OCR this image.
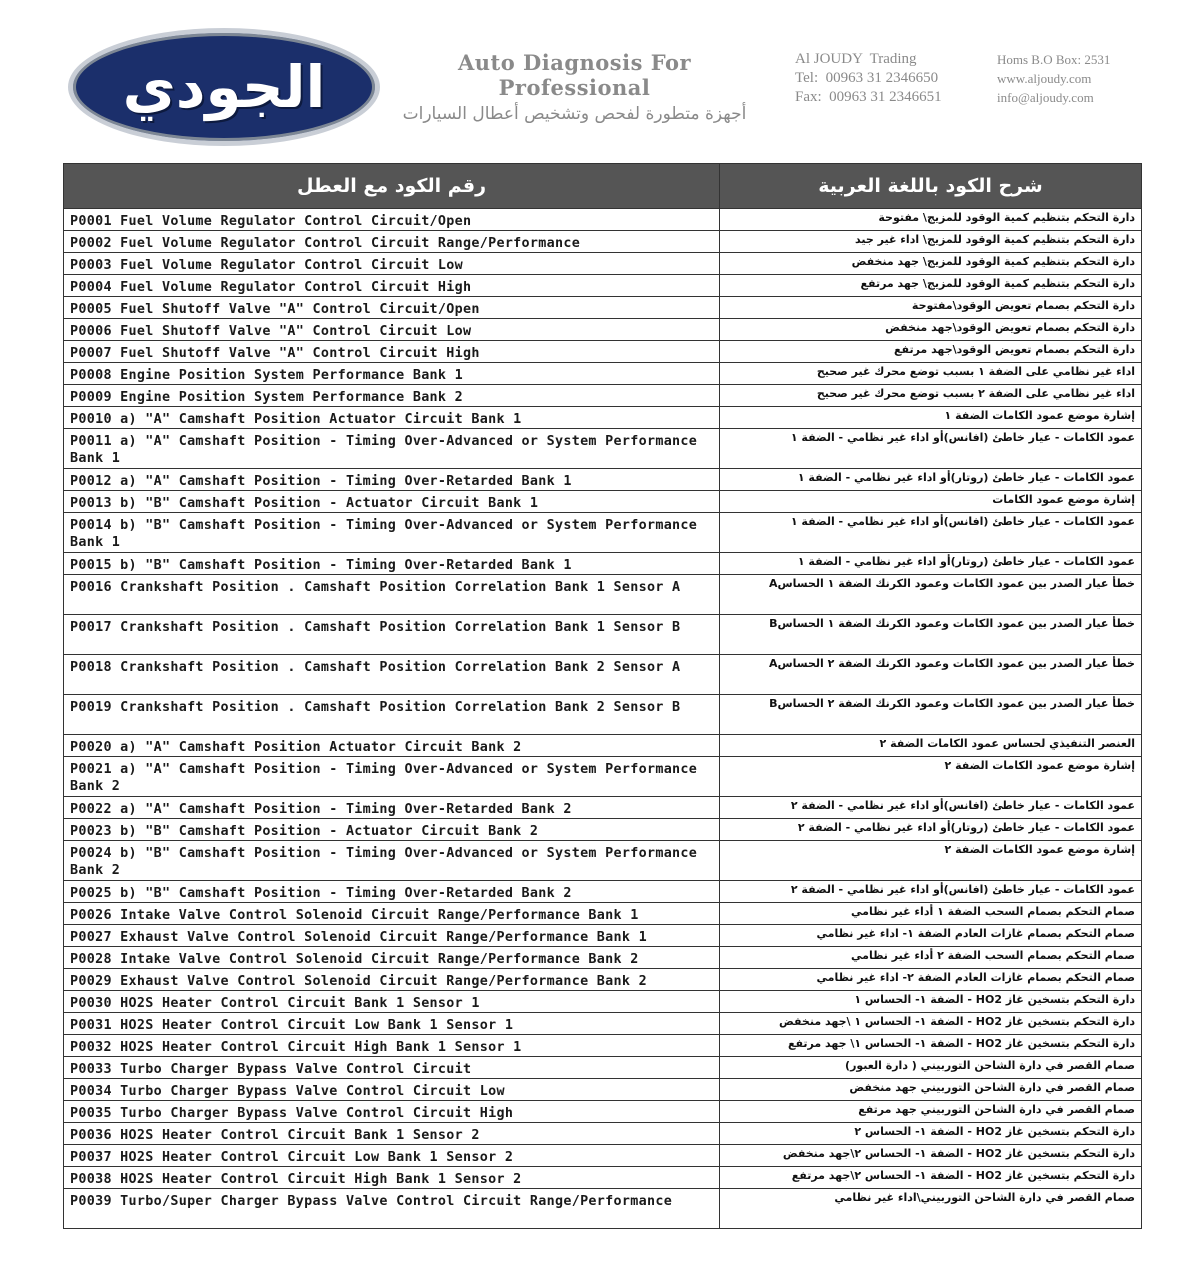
الجودي	Auto Diagnosis For Professional
أجهزة متطورة لفحص وتشخيص أعطال السيارات
Al JOUDY  Trading
Tel:  00963 31 2346650
Fax:  00963 31 2346651
Homs B.O Box: 2531
www.aljoudy.com
info@aljoudy.com
رقم الكود مع العطل	شرح الكود باللغة العربية
P0001 Fuel Volume Regulator Control Circuit/Open	دارة التحكم بتنظيم كمية الوقود للمزيج\ مفتوحة
P0002 Fuel Volume Regulator Control Circuit Range/Performance	دارة التحكم بتنظيم كمية الوقود للمزيج\ اداء غير جيد
P0003 Fuel Volume Regulator Control Circuit Low	دارة التحكم بتنظيم كمية الوقود للمزيج\ جهد منخفض
P0004 Fuel Volume Regulator Control Circuit High	دارة التحكم بتنظيم كمية الوقود للمزيج\ جهد مرتفع
P0005 Fuel Shutoff Valve "A" Control Circuit/Open	دارة التحكم بصمام تعويض الوقود\مفتوحة
P0006 Fuel Shutoff Valve "A" Control Circuit Low	دارة التحكم بصمام تعويض الوقود\جهد منخفض
P0007 Fuel Shutoff Valve "A" Control Circuit High	دارة التحكم بصمام تعويض الوقود\جهد مرتفع
P0008 Engine Position System Performance Bank 1	اداء غير نظامي على الضفة ١ بسبب توضع محرك غير صحيح
P0009 Engine Position System Performance Bank 2	اداء غير نظامي على الضفة ٢ بسبب توضع محرك غير صحيح
P0010 a) "A" Camshaft Position Actuator Circuit Bank 1	إشارة موضع عمود الكامات الضفة ١
P0011 a) "A" Camshaft Position - Timing Over-Advanced or System Performance Bank 1	عمود الكامات - عيار خاطئ (افانس)أو اداء غير نظامي - الضفة ١
P0012 a) "A" Camshaft Position - Timing Over-Retarded Bank 1	عمود الكامات - عيار خاطئ (روتار)أو اداء غير نظامي - الضفة ١
P0013 b) "B" Camshaft Position - Actuator Circuit Bank 1	إشارة موضع عمود الكامات
P0014 b) "B" Camshaft Position - Timing Over-Advanced or System Performance Bank 1	عمود الكامات - عيار خاطئ (افانس)أو اداء غير نظامي - الضفة ١
P0015 b) "B" Camshaft Position - Timing Over-Retarded Bank 1	عمود الكامات - عيار خاطئ (روتار)أو اداء غير نظامي - الضفة ١
P0016 Crankshaft Position . Camshaft Position Correlation Bank 1 Sensor A	خطأ عيار الصدر بين عمود الكامات وعمود الكرنك الضفة ١ الحساسA
P0017 Crankshaft Position . Camshaft Position Correlation Bank 1 Sensor B	خطأ عيار الصدر بين عمود الكامات وعمود الكرنك الضفة ١ الحساسB
P0018 Crankshaft Position . Camshaft Position Correlation Bank 2 Sensor A	خطأ عيار الصدر بين عمود الكامات وعمود الكرنك الضفة ٢ الحساسA
P0019 Crankshaft Position . Camshaft Position Correlation Bank 2 Sensor B	خطأ عيار الصدر بين عمود الكامات وعمود الكرنك الضفة ٢ الحساسB
P0020 a) "A" Camshaft Position Actuator Circuit Bank 2	العنصر التنفيذي لحساس عمود الكامات الضفة ٢
P0021 a) "A" Camshaft Position - Timing Over-Advanced or System Performance Bank 2	إشارة موضع عمود الكامات الضفة ٢
P0022 a) "A" Camshaft Position - Timing Over-Retarded Bank 2	عمود الكامات - عيار خاطئ (افانس)أو اداء غير نظامي - الضفة ٢
P0023 b) "B" Camshaft Position - Actuator Circuit Bank 2	عمود الكامات - عيار خاطئ (روتار)أو اداء غير نظامي - الضفة ٢
P0024 b) "B" Camshaft Position - Timing Over-Advanced or System Performance Bank 2	إشارة موضع عمود الكامات الضفة ٢
P0025 b) "B" Camshaft Position - Timing Over-Retarded Bank 2	عمود الكامات - عيار خاطئ (افانس)أو اداء غير نظامي - الضفة ٢
P0026 Intake Valve Control Solenoid Circuit Range/Performance Bank 1	صمام التحكم بصمام السحب الضفة ١ أداء غير نظامي
P0027 Exhaust Valve Control Solenoid Circuit Range/Performance Bank 1	صمام التحكم بصمام غازات العادم الضفة ١- اداء غير نظامي
P0028 Intake Valve Control Solenoid Circuit Range/Performance Bank 2	صمام التحكم بصمام السحب الضفة ٢ أداء غير نظامي
P0029 Exhaust Valve Control Solenoid Circuit Range/Performance Bank 2	صمام التحكم بصمام غازات العادم الضفة ٢- اداء غير نظامي
P0030 HO2S Heater Control Circuit Bank 1 Sensor 1	دارة التحكم بتسخين غاز HO2 - الضفة ١- الحساس ١
P0031 HO2S Heater Control Circuit Low Bank 1 Sensor 1	دارة التحكم بتسخين غاز HO2 - الضفة ١- الحساس ١ \جهد منخفض
P0032 HO2S Heater Control Circuit High Bank 1 Sensor 1	دارة التحكم بتسخين غاز HO2 - الضفة ١- الحساس ١\ جهد مرتفع
P0033 Turbo Charger Bypass Valve Control Circuit	صمام القصر في دارة الشاحن التوربيني ( دارة العبور)
P0034 Turbo Charger Bypass Valve Control Circuit Low	صمام القصر في دارة الشاحن التوربيني جهد منخفض
P0035 Turbo Charger Bypass Valve Control Circuit High	صمام القصر في دارة الشاحن التوربيني جهد مرتفع
P0036 HO2S Heater Control Circuit Bank 1 Sensor 2	دارة التحكم بتسخين غاز HO2 - الضفة ١- الحساس ٢
P0037 HO2S Heater Control Circuit Low Bank 1 Sensor 2	دارة التحكم بتسخين غاز HO2 - الضفة ١- الحساس ٢\جهد منخفض
P0038 HO2S Heater Control Circuit High Bank 1 Sensor 2	دارة التحكم بتسخين غاز HO2 - الضفة ١- الحساس ٢\جهد مرتفع
P0039 Turbo/Super Charger Bypass Valve Control Circuit Range/Performance	صمام القصر في دارة الشاحن التوربيني\اداء غير نظامي
